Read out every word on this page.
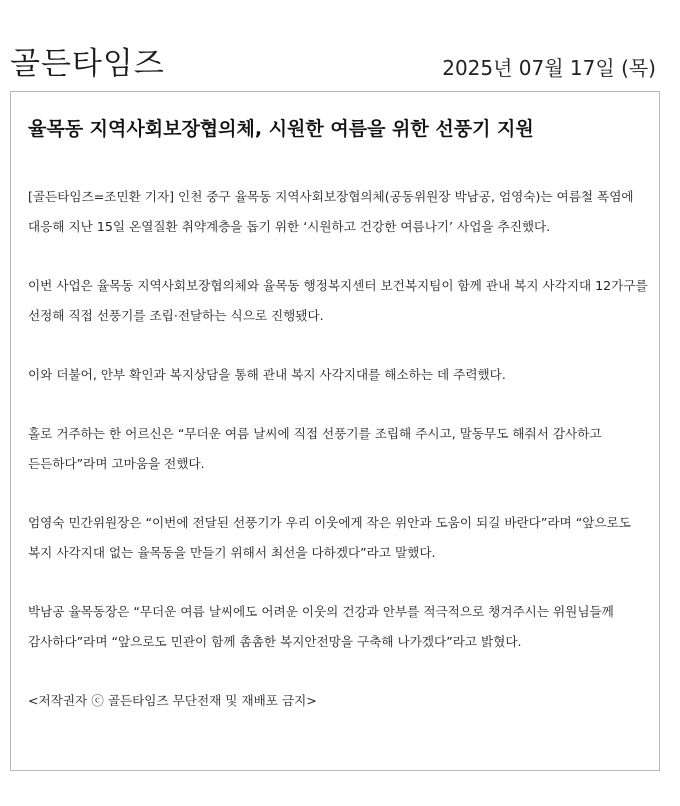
골든타임즈	2025년 07월 17일 (목)
율목동 지역사회보장협의체, 시원한 여름을 위한 선풍기 지원

[골든타임즈=조민환 기자] 인천 중구 율목동 지역사회보장협의체(공동위원장 박남공, 엄영숙)는 여름철 폭염에 대응해 지난 15일 온열질환 취약계층을 돕기 위한 ‘시원하고 건강한 여름나기’ 사업을 추진했다.

이번 사업은 율목동 지역사회보장협의체와 율목동 행정복지센터 보건복지팀이 함께 관내 복지 사각지대 12가구를 선정해 직접 선풍기를 조립·전달하는 식으로 진행됐다.

이와 더불어, 안부 확인과 복지상담을 통해 관내 복지 사각지대를 해소하는 데 주력했다.

홀로 거주하는 한 어르신은 “무더운 여름 날씨에 직접 선풍기를 조립해 주시고, 말동무도 해줘서 감사하고 든든하다”라며 고마움을 전했다.

엄영숙 민간위원장은 “이번에 전달된 선풍기가 우리 이웃에게 작은 위안과 도움이 되길 바란다”라며 “앞으로도 복지 사각지대 없는 율목동을 만들기 위해서 최선을 다하겠다”라고 말했다.

박남공 율목동장은 “무더운 여름 날씨에도 어려운 이웃의 건강과 안부를 적극적으로 챙겨주시는 위원님들께 감사하다”라며 “앞으로도 민관이 함께 촘촘한 복지안전망을 구축해 나가겠다”라고 밝혔다.

<저작권자 ⓒ 골든타임즈 무단전재 및 재배포 금지>
